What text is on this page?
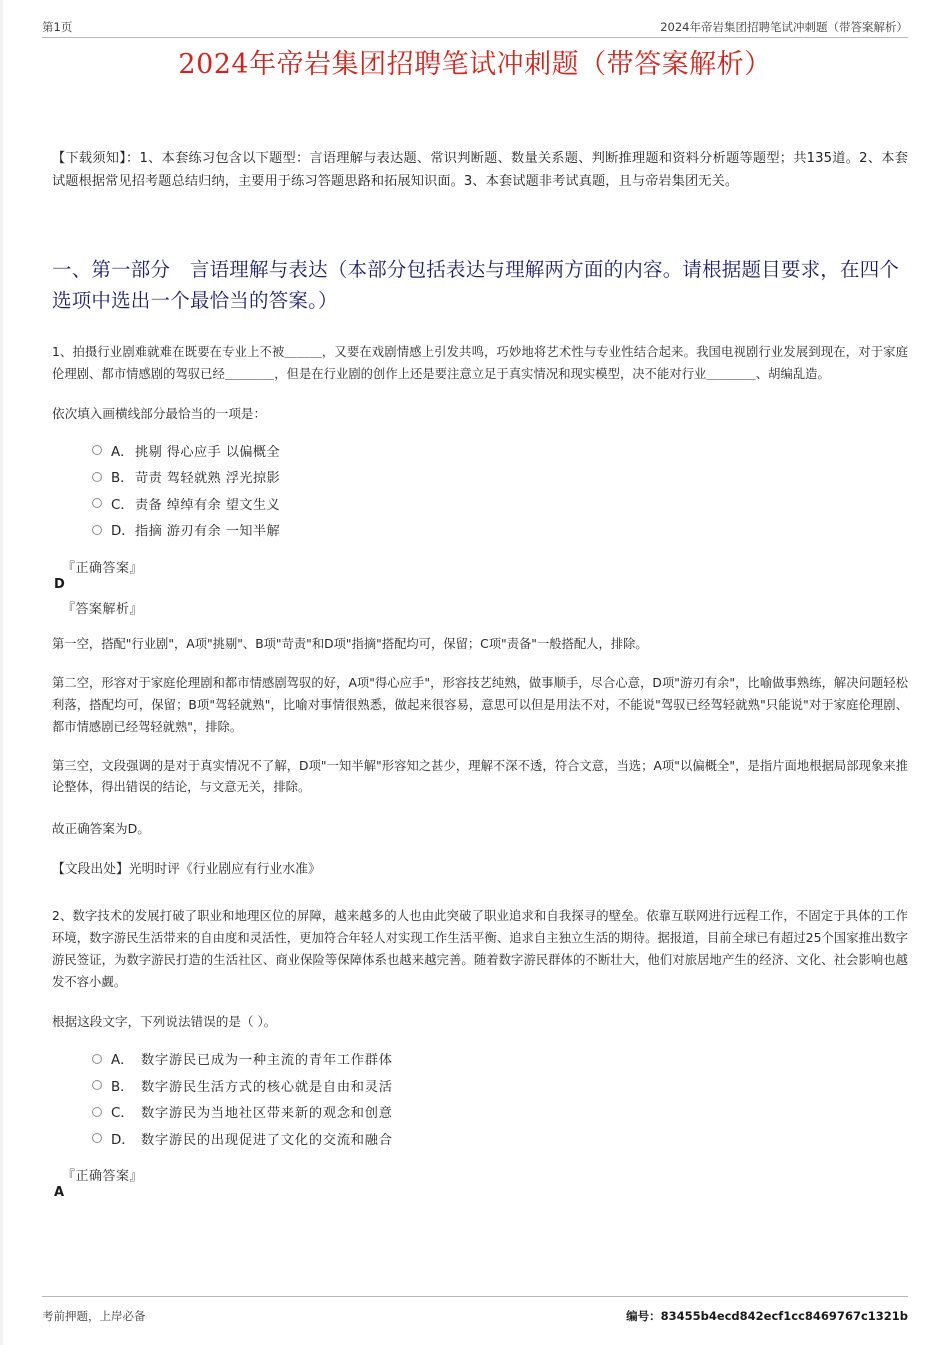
第1页	2024年帝岩集团招聘笔试冲刺题（带答案解析）
2024年帝岩集团招聘笔试冲刺题（带答案解析）

【下载须知】：1、本套练习包含以下题型：言语理解与表达题、常识判断题、数量关系题、判断推理题和资料分析题等题型；共135道。2、本套试题根据常见招考题总结归纳，主要用于练习答题思路和拓展知识面。3、本套试题非考试真题，且与帝岩集团无关。

一、第一部分　言语理解与表达（本部分包括表达与理解两方面的内容。请根据题目要求，在四个选项中选出一个最恰当的答案。）

1、拍摄行业剧难就难在既要在专业上不被＿＿＿，又要在戏剧情感上引发共鸣，巧妙地将艺术性与专业性结合起来。我国电视剧行业发展到现在，对于家庭伦理剧、都市情感剧的驾驭已经＿＿＿＿，但是在行业剧的创作上还是要注意立足于真实情况和现实模型，决不能对行业＿＿＿＿、胡编乱造。

依次填入画横线部分最恰当的一项是：

A． 挑剔 得心应手 以偏概全
B． 苛责 驾轻就熟 浮光掠影
C． 责备 绰绰有余 望文生义
D． 指摘 游刃有余 一知半解

『正确答案』

D

『答案解析』

第一空，搭配"行业剧"，A项"挑剔"、B项"苛责"和D项"指摘"搭配均可，保留；C项"责备"一般搭配人，排除。

第二空，形容对于家庭伦理剧和都市情感剧驾驭的好，A项"得心应手"，形容技艺纯熟，做事顺手，尽合心意，D项"游刃有余"，比喻做事熟练，解决问题轻松利落，搭配均可，保留；B项"驾轻就熟"，比喻对事情很熟悉，做起来很容易，意思可以但是用法不对，不能说"驾驭已经驾轻就熟"只能说"对于家庭伦理剧、都市情感剧已经驾轻就熟"，排除。

第三空，文段强调的是对于真实情况不了解，D项"一知半解"形容知之甚少，理解不深不透，符合文意，当选；A项"以偏概全"，是指片面地根据局部现象来推论整体，得出错误的结论，与文意无关，排除。

故正确答案为D。

【文段出处】光明时评《行业剧应有行业水准》

2、数字技术的发展打破了职业和地理区位的屏障，越来越多的人也由此突破了职业追求和自我探寻的壁垒。依靠互联网进行远程工作，不固定于具体的工作环境，数字游民生活带来的自由度和灵活性，更加符合年轻人对实现工作生活平衡、追求自主独立生活的期待。据报道，目前全球已有超过25个国家推出数字游民签证，为数字游民打造的生活社区、商业保险等保障体系也越来越完善。随着数字游民群体的不断壮大，他们对旅居地产生的经济、文化、社会影响也越发不容小觑。

根据这段文字，下列说法错误的是（ ）。

A． 数字游民已成为一种主流的青年工作群体
B． 数字游民生活方式的核心就是自由和灵活
C． 数字游民为当地社区带来新的观念和创意
D． 数字游民的出现促进了文化的交流和融合

『正确答案』

A

考前押题，上岸必备	编号：83455b4ecd842ecf1cc8469767c1321b
